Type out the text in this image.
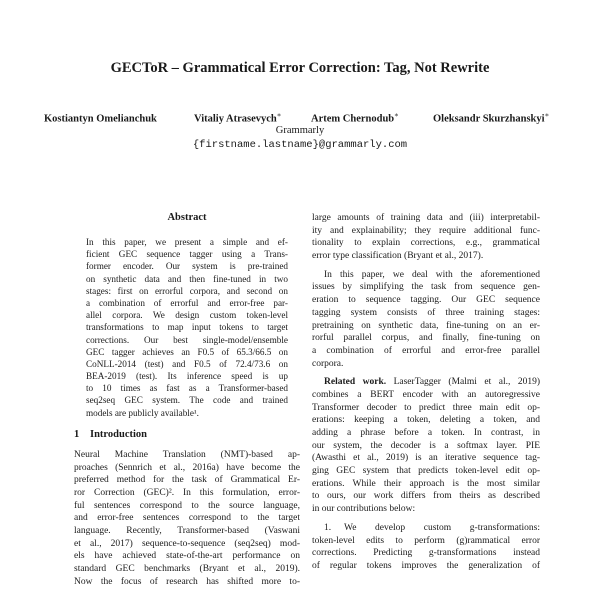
GECToR – Grammatical Error Correction: Tag, Not Rewrite
Kostiantyn Omelianchuk	Vitaliy Atrasevych∗	Artem Chernodub∗	Oleksandr Skurzhanskyi∗
Grammarly
{firstname.lastname}@grammarly.com
Abstract
In this paper, we present a simple and ef-
ficient GEC sequence tagger using a Trans-
former encoder. Our system is pre-trained
on synthetic data and then fine-tuned in two
stages: first on errorful corpora, and second on
a combination of errorful and error-free par-
allel corpora. We design custom token-level
transformations to map input tokens to target
corrections. Our best single-model/ensemble
GEC tagger achieves an F0.5 of 65.3/66.5 on
CoNLL-2014 (test) and F0.5 of 72.4/73.6 on
BEA-2019 (test). Its inference speed is up
to 10 times as fast as a Transformer-based
seq2seq GEC system. The code and trained
models are publicly available¹.
1 Introduction
Neural Machine Translation (NMT)-based ap-
proaches (Sennrich et al., 2016a) have become the
preferred method for the task of Grammatical Er-
ror Correction (GEC)². In this formulation, error-
ful sentences correspond to the source language,
and error-free sentences correspond to the target
language. Recently, Transformer-based (Vaswani
et al., 2017) sequence-to-sequence (seq2seq) mod-
els have achieved state-of-the-art performance on
standard GEC benchmarks (Bryant et al., 2019).
Now the focus of research has shifted more to-
large amounts of training data and (iii) interpretabil-
ity and explainability; they require additional func-
tionality to explain corrections, e.g., grammatical
error type classification (Bryant et al., 2017).
In this paper, we deal with the aforementioned
issues by simplifying the task from sequence gen-
eration to sequence tagging. Our GEC sequence
tagging system consists of three training stages:
pretraining on synthetic data, fine-tuning on an er-
rorful parallel corpus, and finally, fine-tuning on
a combination of errorful and error-free parallel
corpora.
Related work. LaserTagger (Malmi et al., 2019)
combines a BERT encoder with an autoregressive
Transformer decoder to predict three main edit op-
erations: keeping a token, deleting a token, and
adding a phrase before a token. In contrast, in
our system, the decoder is a softmax layer. PIE
(Awasthi et al., 2019) is an iterative sequence tag-
ging GEC system that predicts token-level edit op-
erations. While their approach is the most similar
to ours, our work differs from theirs as described
in our contributions below:
1. We develop custom g-transformations:
token-level edits to perform (g)rammatical error
corrections. Predicting g-transformations instead
of regular tokens improves the generalization of
